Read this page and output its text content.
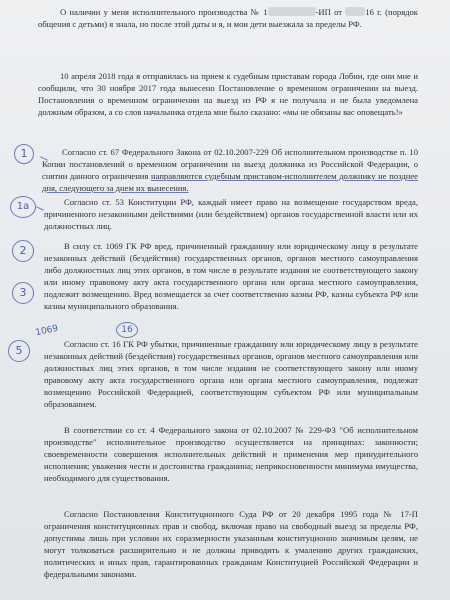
О наличии у меня исполнительного производства № 1	-ИП от	16 г. (порядок общения с детьми) я знала, но после этой даты и я, и мои дети выезжала за пределы РФ.

10 апреля 2018 года я отправилась на прием к судебным приставам города Лобни, где они мне и сообщили, что 30 ноября 2017 года вынесено Постановление о временном ограничении на выезд. Постановления о временном ограничении на выезд из РФ я не получала и не была уведомлена должным образом, а со слов начальника отдела мне было сказано: «мы не обязаны вас оповещать!»

Согласно ст. 67 Федерального Закона от 02.10.2007-229 Об исполнительном производстве п. 10 Копии постановлений о временном ограничении на выезд должника из Российской Федерации, о снятии данного ограничения направляются судебным приставом-исполнителем должнику не позднее дня, следующего за днем их вынесения.

Согласно ст. 53 Конституции РФ, каждый имеет право на возмещение государством вреда, причиненного незаконными действиями (или бездействием) органов государственной власти или их должностных лиц.

В силу ст. 1069 ГК РФ вред, причиненный гражданину или юридическому лицу в результате незаконных действий (бездействия) государственных органов, органов местного самоуправления либо должностных лиц этих органов, в том числе в результате издания не соответствующего закону или иному правовому акту акта государственного органа или органа местного самоуправления, подлежит возмещению. Вред возмещается за счет соответственно казны РФ, казны субъекта РФ или казны муниципального образования.

Согласно ст. 16 ГК РФ убытки, причиненные гражданину или юридическому лицу в результате незаконных действий (бездействия) государственных органов, органов местного самоуправления или должностных лиц этих органов, в том числе издания не соответствующего закону или иному правовому акту акта государственного органа или органа местного самоуправления, подлежат возмещению Российской Федерацией, соответствующим субъектом РФ или муниципальным образованием.

В соответствии со ст. 4 Федерального закона от 02.10.2007 № 229-ФЗ "Об исполнительном производстве" исполнительное производство осуществляется на принципах: законности; своевременности совершения исполнительных действий и применения мер принудительного исполнения; уважения чести и достоинства гражданина; неприкосновенности минимума имущества, необходимого для существования.

Согласно Постановления Конституционного Суда РФ от 20 декабря 1995 года № 17-П ограничения конституционных прав и свобод, включая право на свободный выезд за пределы РФ, допустимы лишь при условии их соразмерности указанным конституционно значимым целям, не могут толковаться расширительно и не должны приводить к умалению других гражданских, политических и иных прав, гарантированных гражданам Конституцией Российской Федерации и федеральными законами.

1
1а
2
3
1069
5
16
